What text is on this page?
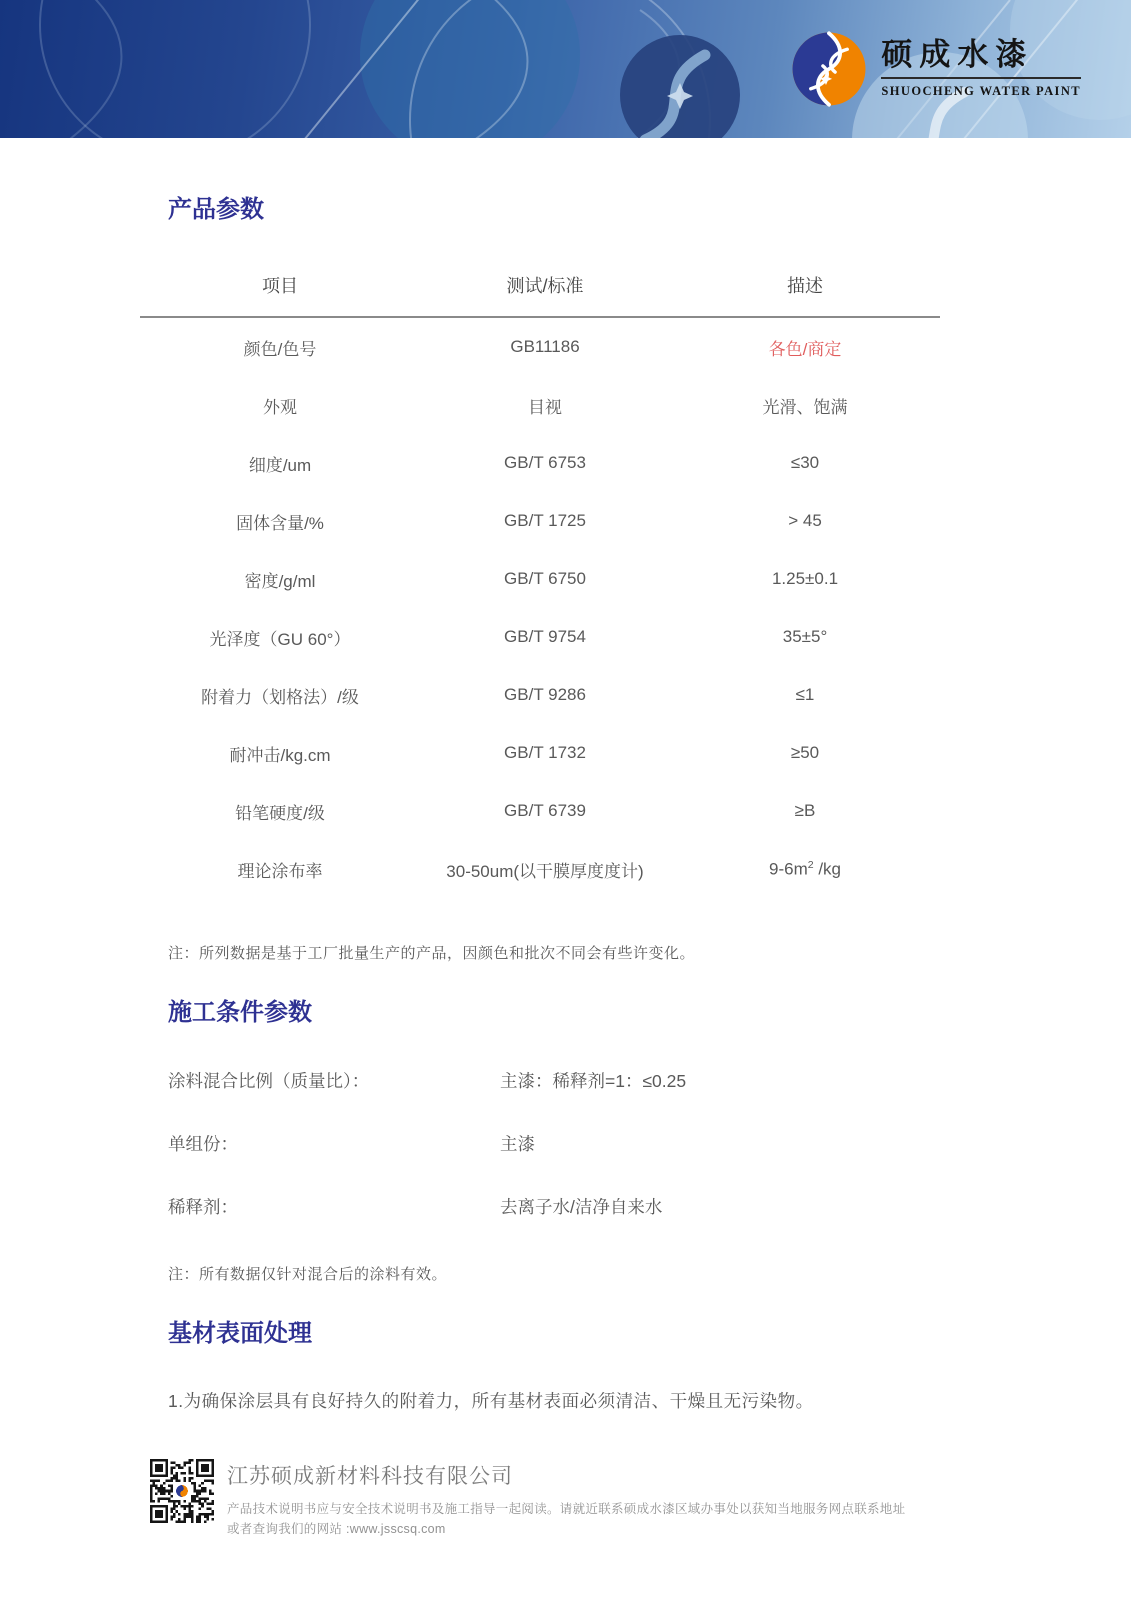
硕成水漆
SHUOCHENG WATER PAINT
产品参数
项目	测试/标准	描述
颜色/色号	GB11186	各色/商定
外观	目视	光滑、饱满
细度/um	GB/T 6753	≤30
固体含量/%	GB/T 1725	> 45
密度/g/ml	GB/T 6750	1.25±0.1
光泽度（GU 60°）	GB/T 9754	35±5°
附着力（划格法）/级	GB/T 9286	≤1
耐冲击/kg.cm	GB/T 1732	≥50
铅笔硬度/级	GB/T 6739	≥B
理论涂布率	30-50um(以干膜厚度度计)	$9-6m^2$ /kg

注：所列数据是基于工厂批量生产的产品，因颜色和批次不同会有些许变化。

施工条件参数
涂料混合比例（质量比）：	主漆：稀释剂=1：≤0.25
单组份：	主漆
稀释剂：	去离子水/洁净自来水

注：所有数据仅针对混合后的涂料有效。

基材表面处理

1.为确保涂层具有良好持久的附着力，所有基材表面必须清洁、干燥且无污染物。

江苏硕成新材料科技有限公司
产品技术说明书应与安全技术说明书及施工指导一起阅读。请就近联系硕成水漆区域办事处以获知当地服务网点联系地址
或者查询我们的网站 :www.jsscsq.com
